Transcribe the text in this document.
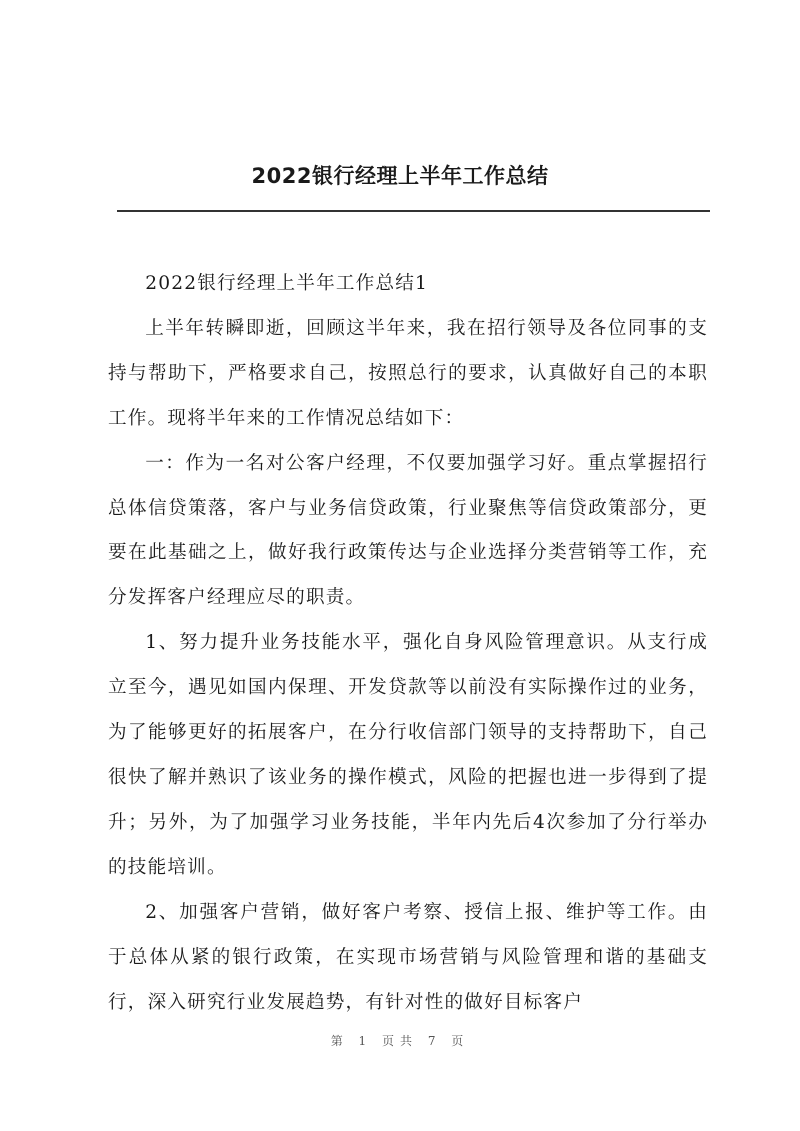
2022银行经理上半年工作总结

2022银行经理上半年工作总结1

上半年转瞬即逝，回顾这半年来，我在招行领导及各位同事的支持与帮助下，严格要求自己，按照总行的要求，认真做好自己的本职工作。现将半年来的工作情况总结如下：

一：作为一名对公客户经理，不仅要加强学习好。重点掌握招行总体信贷策落，客户与业务信贷政策，行业聚焦等信贷政策部分，更要在此基础之上，做好我行政策传达与企业选择分类营销等工作，充分发挥客户经理应尽的职责。

1、努力提升业务技能水平，强化自身风险管理意识。从支行成立至今，遇见如国内保理、开发贷款等以前没有实际操作过的业务，为了能够更好的拓展客户，在分行收信部门领导的支持帮助下，自己很快了解并熟识了该业务的操作模式，风险的把握也进一步得到了提升；另外，为了加强学习业务技能，半年内先后4次参加了分行举办的技能培训。

2、加强客户营销，做好客户考察、授信上报、维护等工作。由于总体从紧的银行政策，在实现市场营销与风险管理和谐的基础支行，深入研究行业发展趋势，有针对性的做好目标客户

第 1 页共 7 页
